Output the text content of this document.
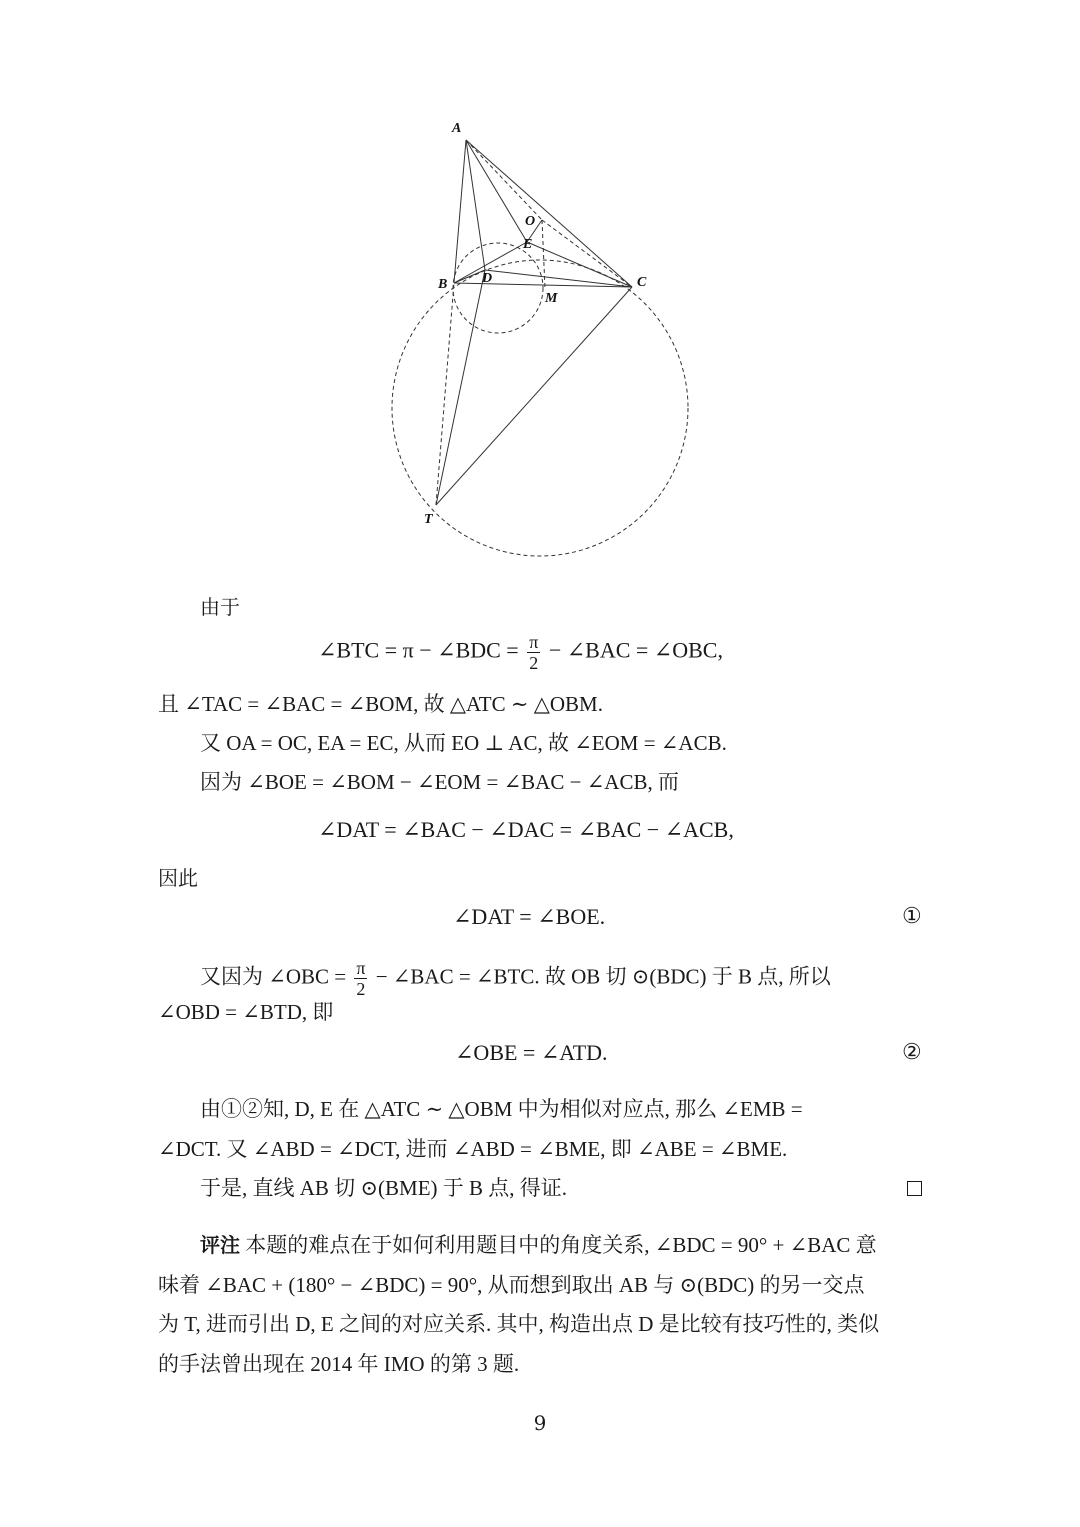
A
O
E
B D
M
C
T
由于
∠BTC = π − ∠BDC = $\frac{\pi}{2}$ − ∠BAC = ∠OBC,
且 ∠TAC = ∠BAC = ∠BOM, 故 △ATC ∼ △OBM.
又 OA = OC, EA = EC, 从而 EO ⊥ AC, 故 ∠EOM = ∠ACB.
因为 ∠BOE = ∠BOM − ∠EOM = ∠BAC − ∠ACB, 而
∠DAT = ∠BAC − ∠DAC = ∠BAC − ∠ACB,
因此
∠DAT = ∠BOE.	①
又因为 ∠OBC = $\frac{\pi}{2}$ − ∠BAC = ∠BTC. 故 OB 切 ⊙(BDC) 于 B 点, 所以
∠OBD = ∠BTD, 即
∠OBE = ∠ATD.	②
由①②知, D, E 在 △ATC ∼ △OBM 中为相似对应点, 那么 ∠EMB =
∠DCT. 又 ∠ABD = ∠DCT, 进而 ∠ABD = ∠BME, 即 ∠ABE = ∠BME.
于是, 直线 AB 切 ⊙(BME) 于 B 点, 得证.
评注 本题的难点在于如何利用题目中的角度关系, ∠BDC = 90° + ∠BAC 意
味着 ∠BAC + (180° − ∠BDC) = 90°, 从而想到取出 AB 与 ⊙(BDC) 的另一交点
为 T, 进而引出 D, E 之间的对应关系. 其中, 构造出点 D 是比较有技巧性的, 类似
的手法曾出现在 2014 年 IMO 的第 3 题.
9
